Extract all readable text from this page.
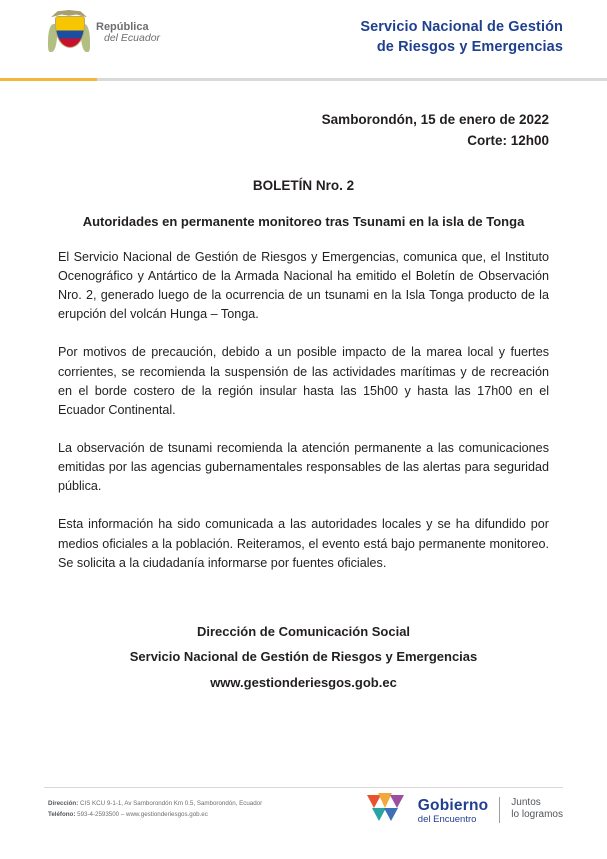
República
del Ecuador
Servicio Nacional de Gestión
de Riesgos y Emergencias
Samborondón, 15 de enero de 2022
Corte: 12h00
BOLETÍN Nro. 2
Autoridades en permanente monitoreo tras Tsunami en la isla de Tonga

El Servicio Nacional de Gestión de Riesgos y Emergencias, comunica que, el Instituto Ocenográfico y Antártico de la Armada Nacional ha emitido el Boletín de Observación Nro. 2, generado luego de la ocurrencia de un tsunami en la Isla Tonga producto de la erupción del volcán Hunga – Tonga.

Por motivos de precaución, debido a un posible impacto de la marea local y fuertes corrientes, se recomienda la suspensión de las actividades marítimas y de recreación en el borde costero de la región insular hasta las 15h00 y hasta las 17h00 en el Ecuador Continental.

La observación de tsunami recomienda la atención permanente a las comunicaciones emitidas por las agencias gubernamentales responsables de las alertas para seguridad pública.

Esta información ha sido comunicada a las autoridades locales y se ha difundido por medios oficiales a la población. Reiteramos, el evento está bajo permanente monitoreo. Se solicita a la ciudadanía informarse por fuentes oficiales.

Dirección de Comunicación Social
Servicio Nacional de Gestión de Riesgos y Emergencias
www.gestionderiesgos.gob.ec
Dirección: CIS KCU 9-1-1, Av Samborondón Km 0.5, Samborondón, Ecuador
Teléfono: 593-4-2593500 – www.gestionderiesgos.gob.ec
Gobierno
del Encuentro
Juntos
lo logramos
